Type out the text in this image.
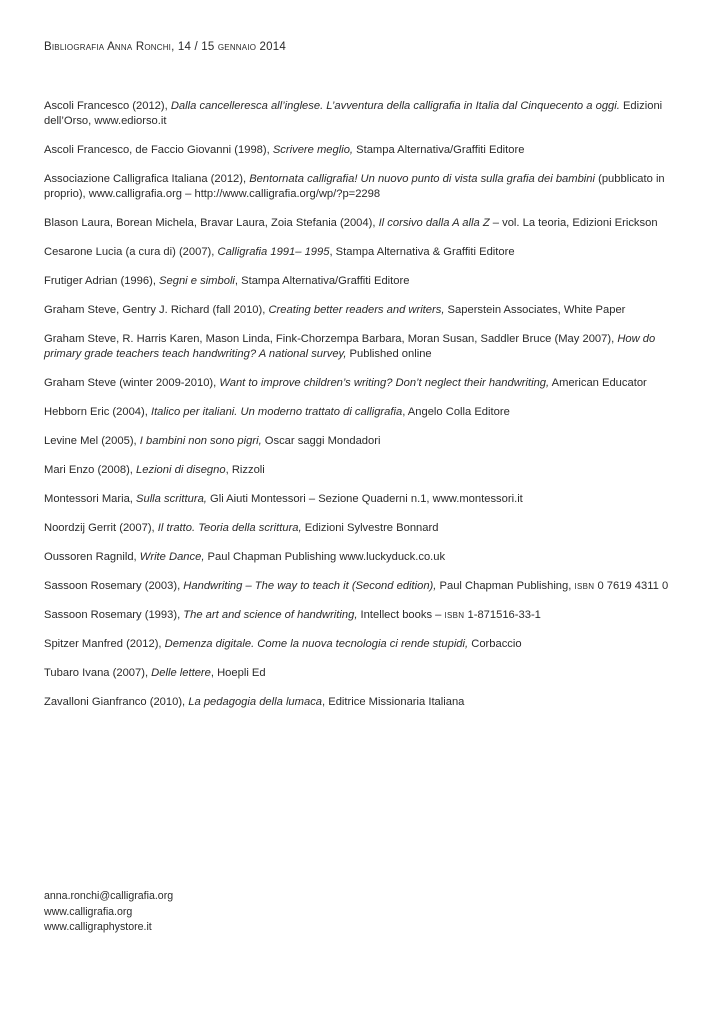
Bibliografia Anna Ronchi, 14 / 15 gennaio 2014
Ascoli Francesco (2012), Dalla cancelleresca all’inglese. L’avventura della calligrafia in Italia dal Cinquecento a oggi. Edizioni dell’Orso, www.ediorso.it
Ascoli Francesco, de Faccio Giovanni (1998), Scrivere meglio, Stampa Alternativa/Graffiti Editore
Associazione Calligrafica Italiana (2012), Bentornata calligrafia! Un nuovo punto di vista sulla grafia dei bambini (pubblicato in proprio), www.calligrafia.org – http://www.calligrafia.org/wp/?p=2298
Blason Laura, Borean Michela, Bravar Laura, Zoia Stefania (2004), Il corsivo dalla A alla Z – vol. La teoria, Edizioni Erickson
Cesarone Lucia (a cura di) (2007), Calligrafia 1991– 1995, Stampa Alternativa & Graffiti Editore
Frutiger Adrian (1996), Segni e simboli, Stampa Alternativa/Graffiti Editore
Graham Steve, Gentry J. Richard (fall 2010), Creating better readers and writers, Saperstein Associates, White Paper
Graham Steve, R. Harris Karen, Mason Linda, Fink-Chorzempa Barbara, Moran Susan, Saddler Bruce (May 2007), How do primary grade teachers teach handwriting? A national survey, Published online
Graham Steve (winter 2009-2010), Want to improve children’s writing? Don’t neglect their handwriting, American Educator
Hebborn Eric (2004), Italico per italiani. Un moderno trattato di calligrafia, Angelo Colla Editore
Levine Mel (2005), I bambini non sono pigri, Oscar saggi Mondadori
Mari Enzo (2008), Lezioni di disegno, Rizzoli
Montessori Maria, Sulla scrittura, Gli Aiuti Montessori – Sezione Quaderni n.1, www.montessori.it
Noordzij Gerrit (2007), Il tratto. Teoria della scrittura, Edizioni Sylvestre Bonnard
Oussoren Ragnild, Write Dance, Paul Chapman Publishing www.luckyduck.co.uk
Sassoon Rosemary (2003), Handwriting – The way to teach it (Second edition), Paul Chapman Publishing, isbn 0 7619 4311 0
Sassoon Rosemary (1993), The art and science of handwriting, Intellect books – isbn 1-871516-33-1
Spitzer Manfred (2012), Demenza digitale. Come la nuova tecnologia ci rende stupidi, Corbaccio
Tubaro Ivana (2007), Delle lettere, Hoepli Ed
Zavalloni Gianfranco (2010), La pedagogia della lumaca, Editrice Missionaria Italiana
anna.ronchi@calligrafia.org
www.calligrafia.org
www.calligraphystore.it
